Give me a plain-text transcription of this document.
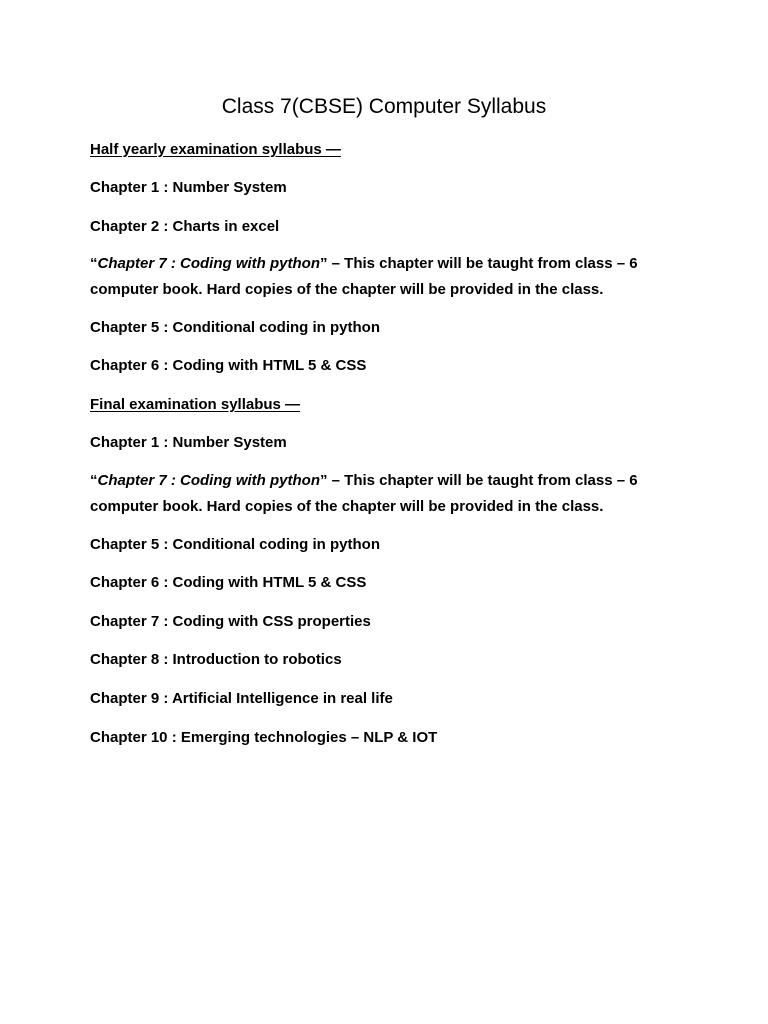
Class 7(CBSE) Computer Syllabus
Half yearly examination syllabus —
Chapter 1 : Number System
Chapter 2 : Charts in excel
“Chapter 7 : Coding with python” – This chapter will be taught from class – 6 computer book. Hard copies of the chapter will be provided in the class.
Chapter 5 : Conditional coding in python
Chapter 6 : Coding with HTML 5 & CSS
Final examination syllabus —
Chapter 1 : Number System
“Chapter 7 : Coding with python” – This chapter will be taught from class – 6 computer book. Hard copies of the chapter will be provided in the class.
Chapter 5 : Conditional coding in python
Chapter 6 : Coding with HTML 5 & CSS
Chapter 7 : Coding with CSS properties
Chapter 8 : Introduction to robotics
Chapter 9 : Artificial Intelligence in real life
Chapter 10 : Emerging technologies – NLP & IOT
